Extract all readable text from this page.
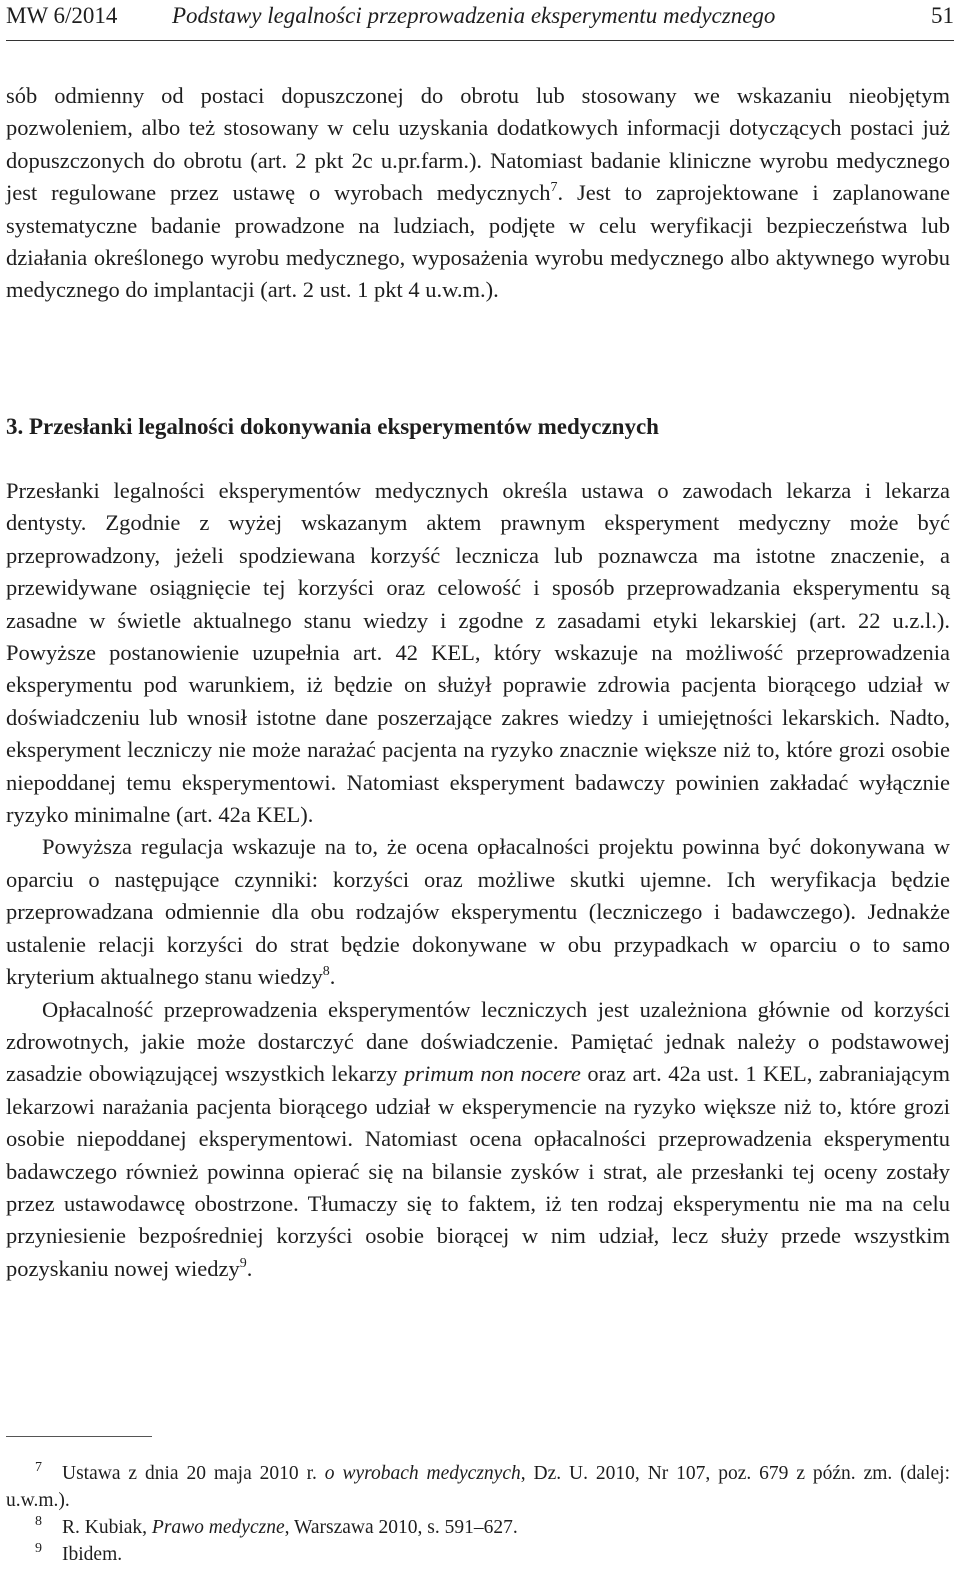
MW 6/2014 Podstawy legalności przeprowadzenia eksperymentu medycznego	51

sób odmienny od postaci dopuszczonej do obrotu lub stosowany we wskazaniu nieobjętym pozwoleniem, albo też stosowany w celu uzyskania dodatkowych informacji dotyczących postaci już dopuszczonych do obrotu (art. 2 pkt 2c u.pr.farm.). Natomiast badanie kliniczne wyrobu medycznego jest regulowane przez ustawę o wyrobach medycznych$^7$. Jest to zaprojektowane i zaplanowane systematyczne badanie prowadzone na ludziach, podjęte w celu weryfikacji bezpieczeństwa lub działania określonego wyrobu medycznego, wyposażenia wyrobu medycznego albo aktywnego wyrobu medycznego do implantacji (art. 2 ust. 1 pkt 4 u.w.m.).

3. Przesłanki legalności dokonywania eksperymentów medycznych

Przesłanki legalności eksperymentów medycznych określa ustawa o zawodach lekarza i lekarza dentysty. Zgodnie z wyżej wskazanym aktem prawnym eksperyment medyczny może być przeprowadzony, jeżeli spodziewana korzyść lecznicza lub poznawcza ma istotne znaczenie, a przewidywane osiągnięcie tej korzyści oraz celowość i sposób przeprowadzania eksperymentu są zasadne w świetle aktualnego stanu wiedzy i zgodne z zasadami etyki lekarskiej (art. 22 u.z.l.). Powyższe postanowienie uzupełnia art. 42 KEL, który wskazuje na możliwość przeprowadzenia eksperymentu pod warunkiem, iż będzie on służył poprawie zdrowia pacjenta biorącego udział w doświadczeniu lub wnosił istotne dane poszerzające zakres wiedzy i umiejętności lekarskich. Nadto, eksperyment leczniczy nie może narażać pacjenta na ryzyko znacznie większe niż to, które grozi osobie niepoddanej temu eksperymentowi. Natomiast eksperyment badawczy powinien zakładać wyłącznie ryzyko minimalne (art. 42a KEL).

Powyższa regulacja wskazuje na to, że ocena opłacalności projektu powinna być dokonywana w oparciu o następujące czynniki: korzyści oraz możliwe skutki ujemne. Ich weryfikacja będzie przeprowadzana odmiennie dla obu rodzajów eksperymentu (leczniczego i badawczego). Jednakże ustalenie relacji korzyści do strat będzie dokonywane w obu przypadkach w oparciu o to samo kryterium aktualnego stanu wiedzy$^8$.

Opłacalność przeprowadzenia eksperymentów leczniczych jest uzależniona głównie od korzyści zdrowotnych, jakie może dostarczyć dane doświadczenie. Pamiętać jednak należy o podstawowej zasadzie obowiązującej wszystkich lekarzy primum non nocere oraz art. 42a ust. 1 KEL, zabraniającym lekarzowi narażania pacjenta biorącego udział w eksperymencie na ryzyko większe niż to, które grozi osobie niepoddanej eksperymentowi. Natomiast ocena opłacalności przeprowadzenia eksperymentu badawczego również powinna opierać się na bilansie zysków i strat, ale przesłanki tej oceny zostały przez ustawodawcę obostrzone. Tłumaczy się to faktem, iż ten rodzaj eksperymentu nie ma na celu przyniesienie bezpośredniej korzyści osobie biorącej w nim udział, lecz służy przede wszystkim pozyskaniu nowej wiedzy$^9$.

7 Ustawa z dnia 20 maja 2010 r. o wyrobach medycznych, Dz. U. 2010, Nr 107, poz. 679 z późn. zm. (dalej: u.w.m.).

8 R. Kubiak, Prawo medyczne, Warszawa 2010, s. 591–627.

9 Ibidem.
